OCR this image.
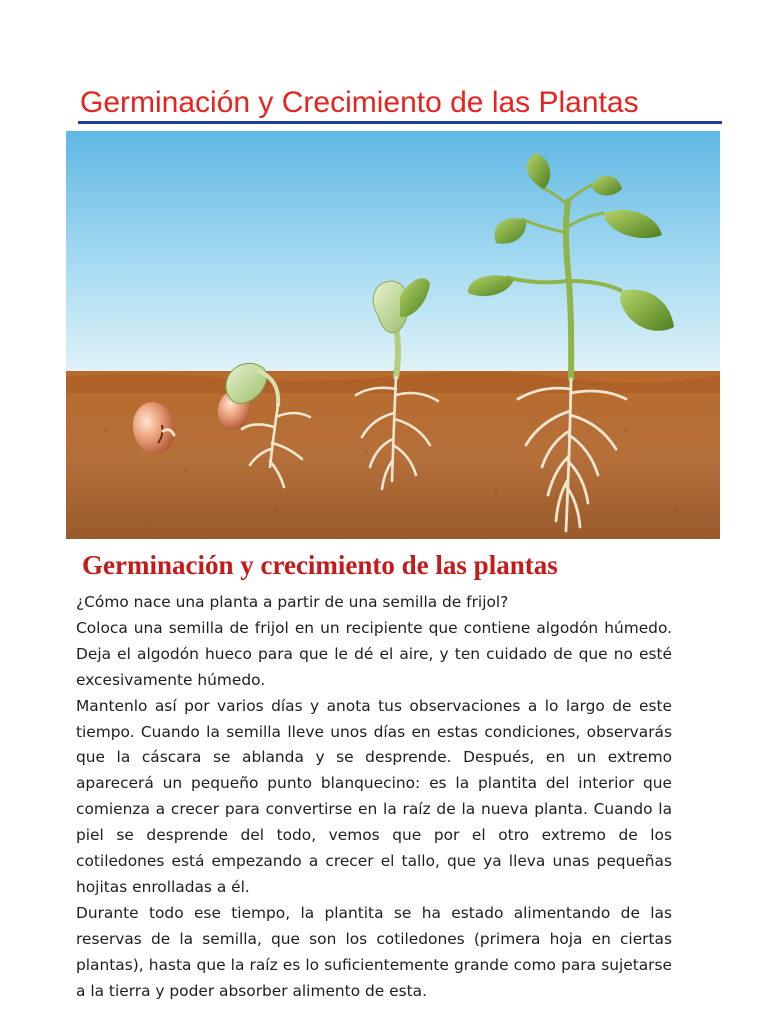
Germinación y Crecimiento de las Plantas
Germinación y crecimiento de las plantas

¿Cómo nace una planta a partir de una semilla de frijol?

Coloca una semilla de frijol en un recipiente que contiene algodón húmedo. Deja el algodón hueco para que le dé el aire, y ten cuidado de que no esté excesivamente húmedo.

Mantenlo así por varios días y anota tus observaciones a lo largo de este tiempo. Cuando la semilla lleve unos días en estas condiciones, observarás que la cáscara se ablanda y se desprende. Después, en un extremo aparecerá un pequeño punto blanquecino: es la plantita del interior que comienza a crecer para convertirse en la raíz de la nueva planta. Cuando la piel se desprende del todo, vemos que por el otro extremo de los cotiledones está empezando a crecer el tallo, que ya lleva unas pequeñas hojitas enrolladas a él.

Durante todo ese tiempo, la plantita se ha estado alimentando de las reservas de la semilla, que son los cotiledones (primera hoja en ciertas plantas), hasta que la raíz es lo suficientemente grande como para sujetarse a la tierra y poder absorber alimento de esta.
